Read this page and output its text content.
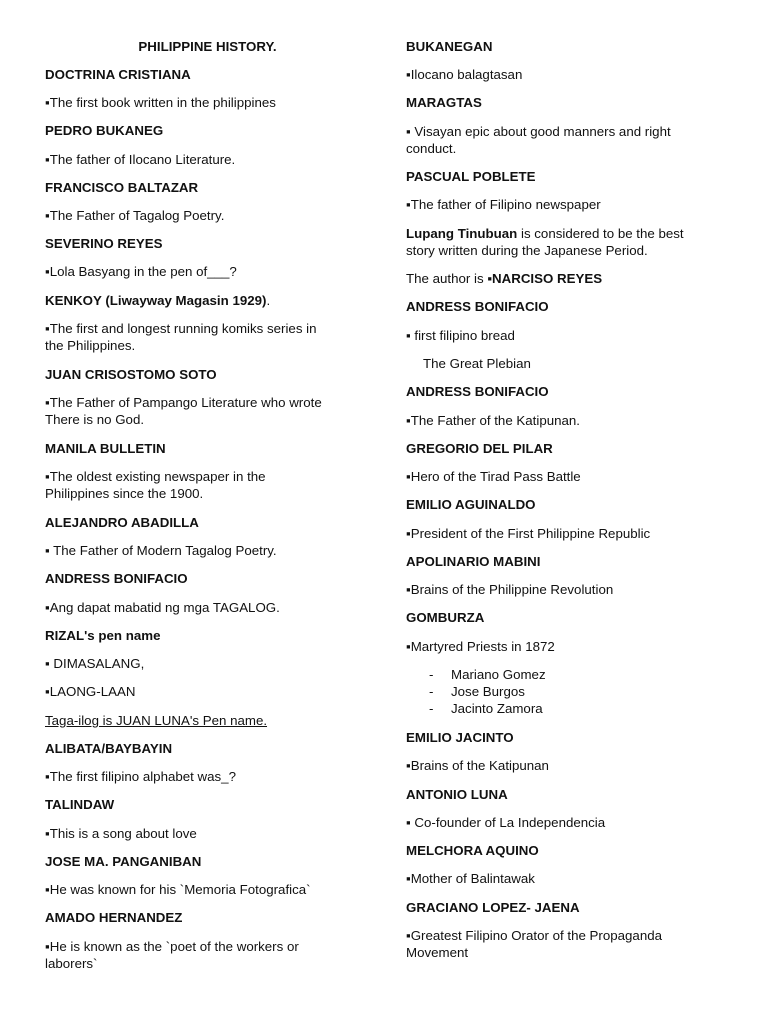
PHILIPPINE HISTORY.
DOCTRINA CRISTIANA
▪The first book written in the philippines
PEDRO BUKANEG
▪The father of Ilocano Literature.
FRANCISCO BALTAZAR
▪The Father of Tagalog Poetry.
SEVERINO REYES
▪Lola Basyang in the pen of___?
KENKOY (Liwayway Magasin 1929).
▪The first and longest running komiks series in
the Philippines.
JUAN CRISOSTOMO SOTO
▪The Father of Pampango Literature who wrote
There is no God.
MANILA BULLETIN
▪The oldest existing newspaper in the
Philippines since the 1900.
ALEJANDRO ABADILLA
▪ The Father of Modern Tagalog Poetry.
ANDRESS BONIFACIO
▪Ang dapat mabatid ng mga TAGALOG.
RIZAL's pen name
▪ DIMASALANG,
▪LAONG-LAAN
Taga-ilog is JUAN LUNA's Pen name.
ALIBATA/BAYBAYIN
▪The first filipino alphabet was_?
TALINDAW
▪This is a song about love
JOSE MA. PANGANIBAN
▪He was known for his `Memoria Fotografica`
AMADO HERNANDEZ
▪He is known as the `poet of the workers or
laborers`
BUKANEGAN
▪Ilocano balagtasan
MARAGTAS
▪ Visayan epic about good manners and right
conduct.
PASCUAL POBLETE
▪The father of Filipino newspaper
Lupang Tinubuan is considered to be the best
story written during the Japanese Period.
The author is ▪NARCISO REYES
ANDRESS BONIFACIO
▪ first filipino bread
The Great Plebian
ANDRESS BONIFACIO
▪The Father of the Katipunan.
GREGORIO DEL PILAR
▪Hero of the Tirad Pass Battle
EMILIO AGUINALDO
▪President of the First Philippine Republic
APOLINARIO MABINI
▪Brains of the Philippine Revolution
GOMBURZA
▪Martyred Priests in 1872
- Mariano Gomez
- Jose Burgos
- Jacinto Zamora
EMILIO JACINTO
▪Brains of the Katipunan
ANTONIO LUNA
▪ Co-founder of La Independencia
MELCHORA AQUINO
▪Mother of Balintawak
GRACIANO LOPEZ- JAENA
▪Greatest Filipino Orator of the Propaganda
Movement
